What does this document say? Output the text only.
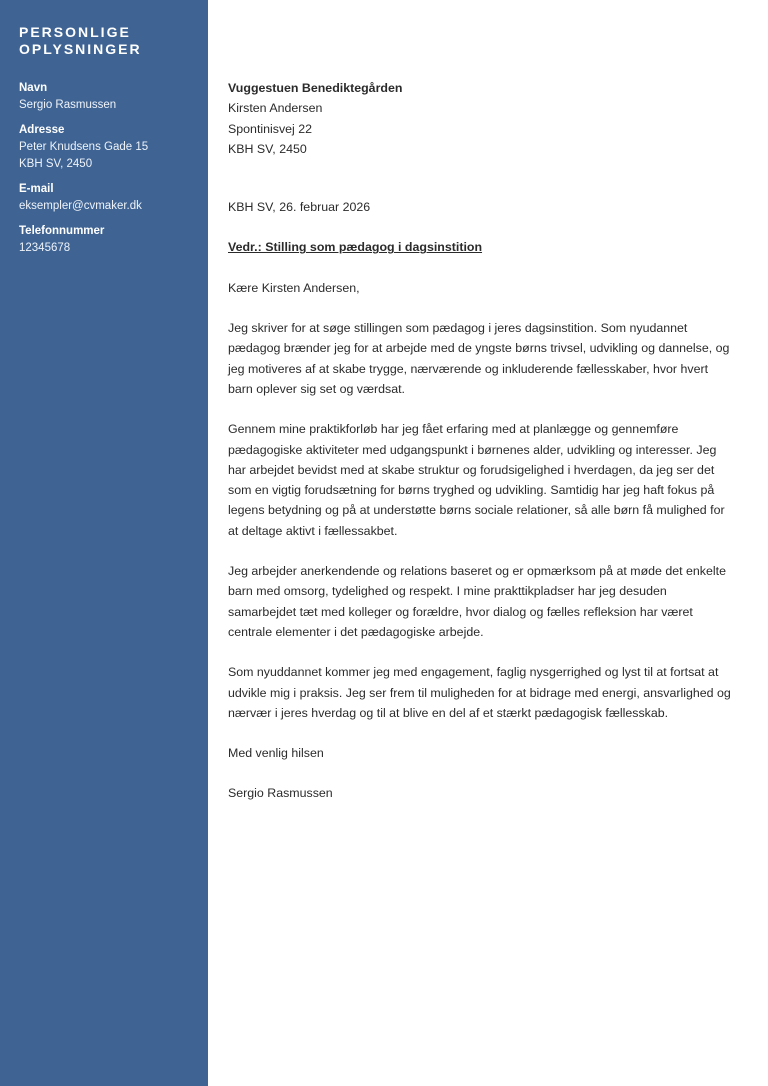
PERSONLIGE OPLYSNINGER
Navn
Sergio Rasmussen
Adresse
Peter Knudsens Gade 15
KBH SV, 2450
E-mail
eksempler@cvmaker.dk
Telefonnummer
12345678
Vuggestuen Benediktegården
Kirsten Andersen
Spontinisvej 22
KBH SV, 2450
KBH SV, 26. februar 2026
Vedr.: Stilling som pædagog i dagsinstition
Kære Kirsten Andersen,
Jeg skriver for at søge stillingen som pædagog i jeres dagsinstition. Som nyudannet pædagog brænder jeg for at arbejde med de yngste børns trivsel, udvikling og dannelse, og jeg motiveres af at skabe trygge, nærværende og inkluderende fællesskaber, hvor hvert barn oplever sig set og værdsat.
Gennem mine praktikforløb har jeg fået erfaring med at planlægge og gennemføre pædagogiske aktiviteter med udgangspunkt i børnenes alder, udvikling og interesser. Jeg har arbejdet bevidst med at skabe struktur og forudsigelighed i hverdagen, da jeg ser det som en vigtig forudsætning for børns tryghed og udvikling. Samtidig har jeg haft fokus på legens betydning og på at understøtte børns sociale relationer, så alle børn få mulighed for at deltage aktivt i fællessakbet.
Jeg arbejder anerkendende og relations baseret og er opmærksom på at møde det enkelte barn med omsorg, tydelighed og respekt. I mine prakttikpladser har jeg desuden samarbejdet tæt med kolleger og forældre, hvor dialog og fælles refleksion har været centrale elementer i det pædagogiske arbejde.
Som nyuddannet kommer jeg med engagement, faglig nysgerrighed og lyst til at fortsat at udvikle mig i praksis. Jeg ser frem til muligheden for at bidrage med energi, ansvarlighed og nærvær i jeres hverdag og til at blive en del af et stærkt pædagogisk fællesskab.
Med venlig hilsen
Sergio Rasmussen
